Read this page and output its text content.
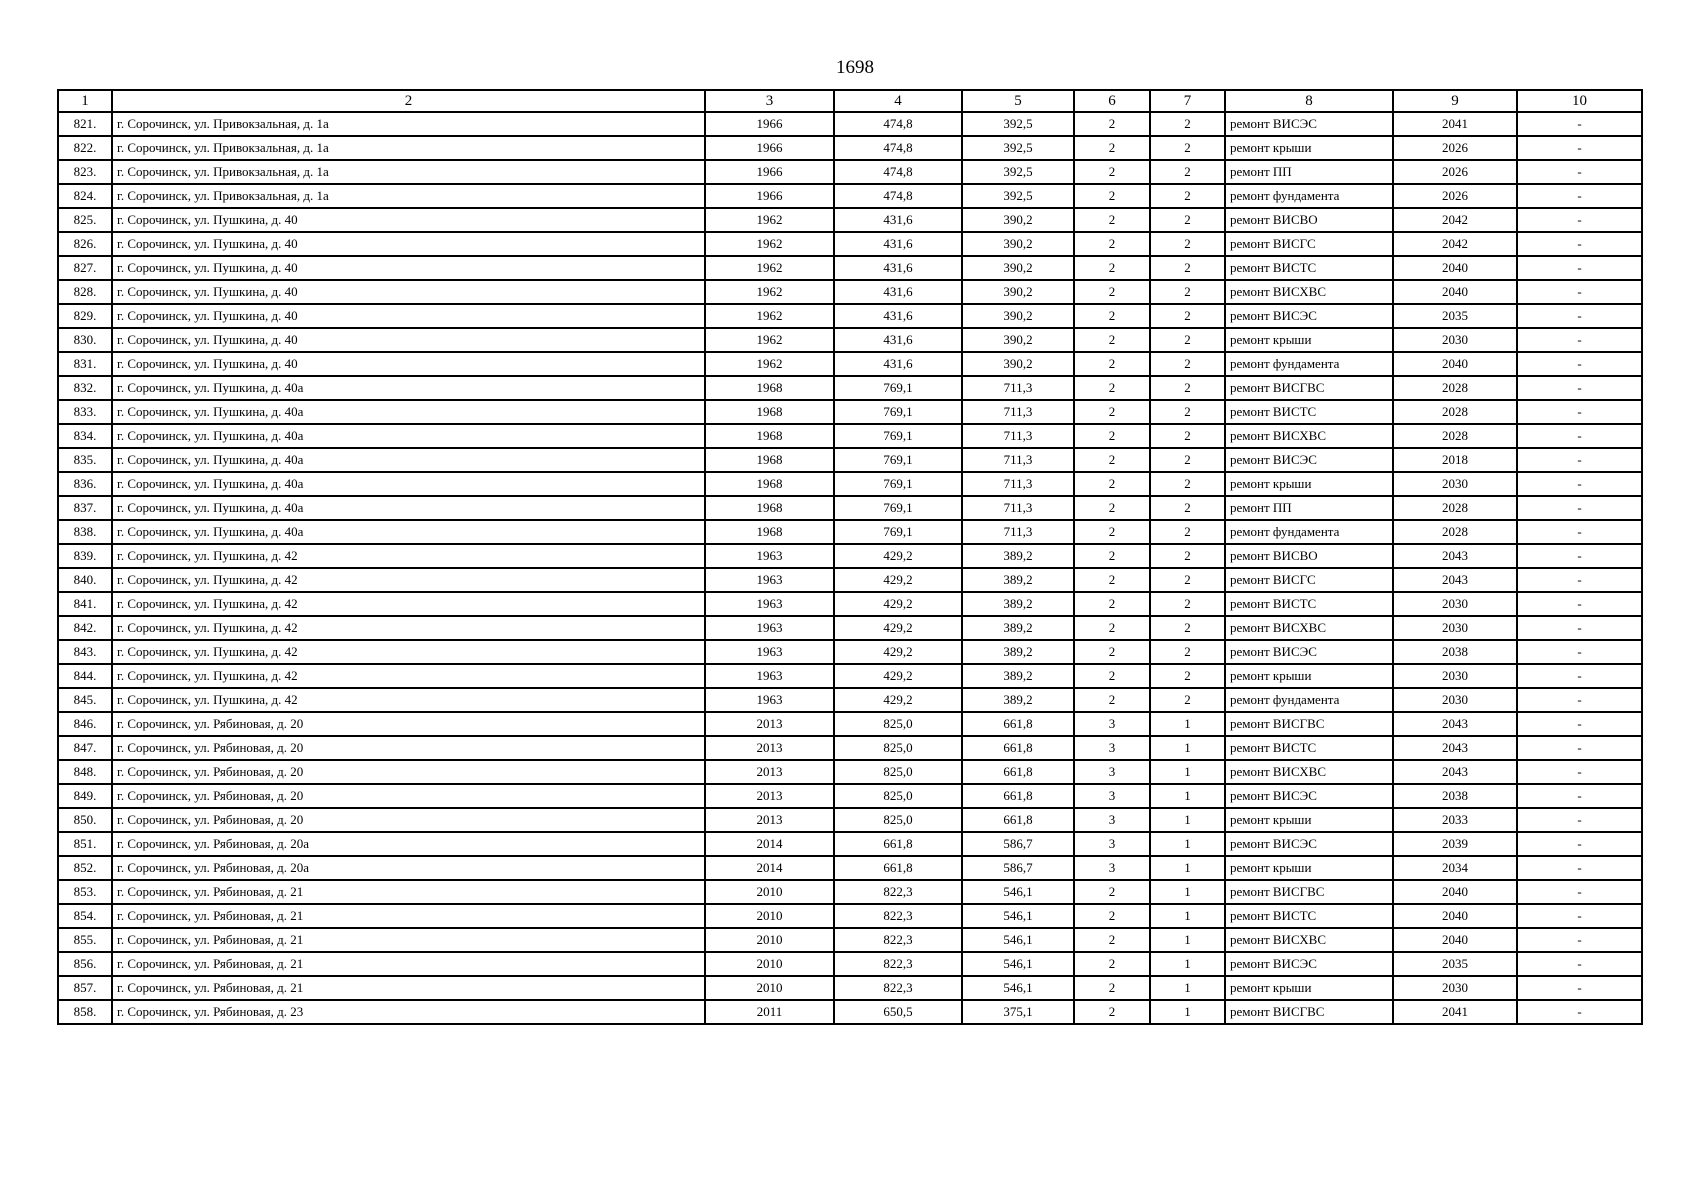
1698
1	2	3	4	5	6	7	8	9	10
821.	г. Сорочинск, ул. Привокзальная, д. 1а	1966	474,8	392,5	2	2	ремонт ВИСЭС	2041	-
822.	г. Сорочинск, ул. Привокзальная, д. 1а	1966	474,8	392,5	2	2	ремонт крыши	2026	-
823.	г. Сорочинск, ул. Привокзальная, д. 1а	1966	474,8	392,5	2	2	ремонт ПП	2026	-
824.	г. Сорочинск, ул. Привокзальная, д. 1а	1966	474,8	392,5	2	2	ремонт фундамента	2026	-
825.	г. Сорочинск, ул. Пушкина, д. 40	1962	431,6	390,2	2	2	ремонт ВИСВО	2042	-
826.	г. Сорочинск, ул. Пушкина, д. 40	1962	431,6	390,2	2	2	ремонт ВИСГС	2042	-
827.	г. Сорочинск, ул. Пушкина, д. 40	1962	431,6	390,2	2	2	ремонт ВИСТС	2040	-
828.	г. Сорочинск, ул. Пушкина, д. 40	1962	431,6	390,2	2	2	ремонт ВИСХВС	2040	-
829.	г. Сорочинск, ул. Пушкина, д. 40	1962	431,6	390,2	2	2	ремонт ВИСЭС	2035	-
830.	г. Сорочинск, ул. Пушкина, д. 40	1962	431,6	390,2	2	2	ремонт крыши	2030	-
831.	г. Сорочинск, ул. Пушкина, д. 40	1962	431,6	390,2	2	2	ремонт фундамента	2040	-
832.	г. Сорочинск, ул. Пушкина, д. 40а	1968	769,1	711,3	2	2	ремонт ВИСГВС	2028	-
833.	г. Сорочинск, ул. Пушкина, д. 40а	1968	769,1	711,3	2	2	ремонт ВИСТС	2028	-
834.	г. Сорочинск, ул. Пушкина, д. 40а	1968	769,1	711,3	2	2	ремонт ВИСХВС	2028	-
835.	г. Сорочинск, ул. Пушкина, д. 40а	1968	769,1	711,3	2	2	ремонт ВИСЭС	2018	-
836.	г. Сорочинск, ул. Пушкина, д. 40а	1968	769,1	711,3	2	2	ремонт крыши	2030	-
837.	г. Сорочинск, ул. Пушкина, д. 40а	1968	769,1	711,3	2	2	ремонт ПП	2028	-
838.	г. Сорочинск, ул. Пушкина, д. 40а	1968	769,1	711,3	2	2	ремонт фундамента	2028	-
839.	г. Сорочинск, ул. Пушкина, д. 42	1963	429,2	389,2	2	2	ремонт ВИСВО	2043	-
840.	г. Сорочинск, ул. Пушкина, д. 42	1963	429,2	389,2	2	2	ремонт ВИСГС	2043	-
841.	г. Сорочинск, ул. Пушкина, д. 42	1963	429,2	389,2	2	2	ремонт ВИСТС	2030	-
842.	г. Сорочинск, ул. Пушкина, д. 42	1963	429,2	389,2	2	2	ремонт ВИСХВС	2030	-
843.	г. Сорочинск, ул. Пушкина, д. 42	1963	429,2	389,2	2	2	ремонт ВИСЭС	2038	-
844.	г. Сорочинск, ул. Пушкина, д. 42	1963	429,2	389,2	2	2	ремонт крыши	2030	-
845.	г. Сорочинск, ул. Пушкина, д. 42	1963	429,2	389,2	2	2	ремонт фундамента	2030	-
846.	г. Сорочинск, ул. Рябиновая, д. 20	2013	825,0	661,8	3	1	ремонт ВИСГВС	2043	-
847.	г. Сорочинск, ул. Рябиновая, д. 20	2013	825,0	661,8	3	1	ремонт ВИСТС	2043	-
848.	г. Сорочинск, ул. Рябиновая, д. 20	2013	825,0	661,8	3	1	ремонт ВИСХВС	2043	-
849.	г. Сорочинск, ул. Рябиновая, д. 20	2013	825,0	661,8	3	1	ремонт ВИСЭС	2038	-
850.	г. Сорочинск, ул. Рябиновая, д. 20	2013	825,0	661,8	3	1	ремонт крыши	2033	-
851.	г. Сорочинск, ул. Рябиновая, д. 20а	2014	661,8	586,7	3	1	ремонт ВИСЭС	2039	-
852.	г. Сорочинск, ул. Рябиновая, д. 20а	2014	661,8	586,7	3	1	ремонт крыши	2034	-
853.	г. Сорочинск, ул. Рябиновая, д. 21	2010	822,3	546,1	2	1	ремонт ВИСГВС	2040	-
854.	г. Сорочинск, ул. Рябиновая, д. 21	2010	822,3	546,1	2	1	ремонт ВИСТС	2040	-
855.	г. Сорочинск, ул. Рябиновая, д. 21	2010	822,3	546,1	2	1	ремонт ВИСХВС	2040	-
856.	г. Сорочинск, ул. Рябиновая, д. 21	2010	822,3	546,1	2	1	ремонт ВИСЭС	2035	-
857.	г. Сорочинск, ул. Рябиновая, д. 21	2010	822,3	546,1	2	1	ремонт крыши	2030	-
858.	г. Сорочинск, ул. Рябиновая, д. 23	2011	650,5	375,1	2	1	ремонт ВИСГВС	2041	-
